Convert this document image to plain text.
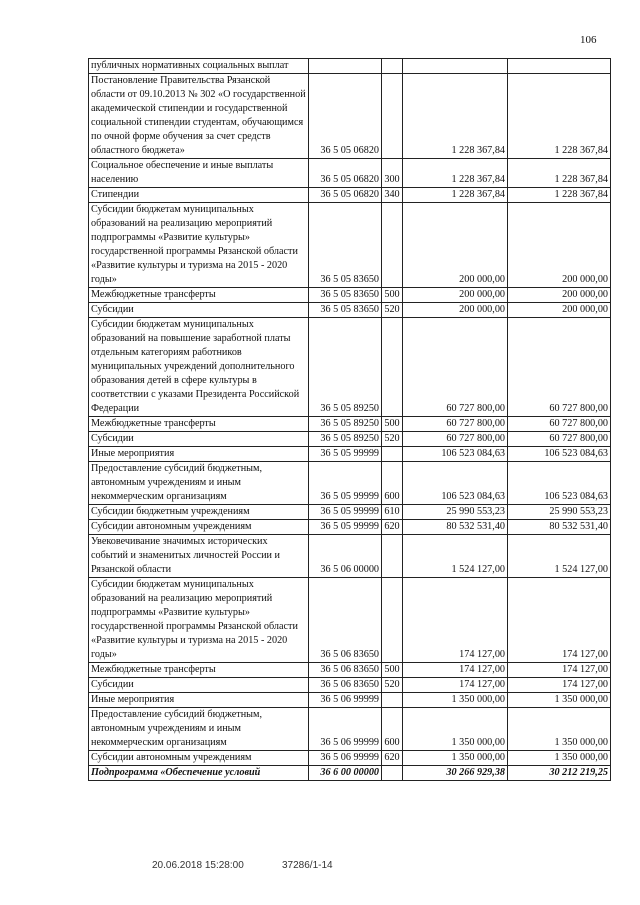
106
публичных нормативных социальных выплат				
Постановление Правительства Рязанской области от 09.10.2013 № 302 «О государственной академической стипендии и государственной социальной стипендии студентам, обучающимся по очной форме обучения за счет средств областного бюджета»	36 5 05 06820		1 228 367,84	1 228 367,84
Социальное обеспечение и иные выплаты населению	36 5 05 06820	300	1 228 367,84	1 228 367,84
Стипендии	36 5 05 06820	340	1 228 367,84	1 228 367,84
Субсидии бюджетам муниципальных образований на реализацию мероприятий подпрограммы «Развитие культуры» государственной программы Рязанской области «Развитие культуры и туризма на 2015 - 2020 годы»	36 5 05 83650		200 000,00	200 000,00
Межбюджетные трансферты	36 5 05 83650	500	200 000,00	200 000,00
Субсидии	36 5 05 83650	520	200 000,00	200 000,00
Субсидии бюджетам муниципальных образований на повышение заработной платы отдельным категориям работников муниципальных учреждений дополнительного образования детей в сфере культуры в соответствии с указами Президента Российской Федерации	36 5 05 89250		60 727 800,00	60 727 800,00
Межбюджетные трансферты	36 5 05 89250	500	60 727 800,00	60 727 800,00
Субсидии	36 5 05 89250	520	60 727 800,00	60 727 800,00
Иные мероприятия	36 5 05 99999		106 523 084,63	106 523 084,63
Предоставление субсидий бюджетным, автономным учреждениям и иным некоммерческим организациям	36 5 05 99999	600	106 523 084,63	106 523 084,63
Субсидии бюджетным учреждениям	36 5 05 99999	610	25 990 553,23	25 990 553,23
Субсидии автономным учреждениям	36 5 05 99999	620	80 532 531,40	80 532 531,40
Увековечивание значимых исторических событий и знаменитых личностей России и Рязанской области	36 5 06 00000		1 524 127,00	1 524 127,00
Субсидии бюджетам муниципальных образований на реализацию мероприятий подпрограммы «Развитие культуры» государственной программы Рязанской области «Развитие культуры и туризма на 2015 - 2020 годы»	36 5 06 83650		174 127,00	174 127,00
Межбюджетные трансферты	36 5 06 83650	500	174 127,00	174 127,00
Субсидии	36 5 06 83650	520	174 127,00	174 127,00
Иные мероприятия	36 5 06 99999		1 350 000,00	1 350 000,00
Предоставление субсидий бюджетным, автономным учреждениям и иным некоммерческим организациям	36 5 06 99999	600	1 350 000,00	1 350 000,00
Субсидии автономным учреждениям	36 5 06 99999	620	1 350 000,00	1 350 000,00
Подпрограмма «Обеспечение условий	36 6 00 00000		30 266 929,38	30 212 219,25
20.06.2018 15:28:00	37286/1-14
